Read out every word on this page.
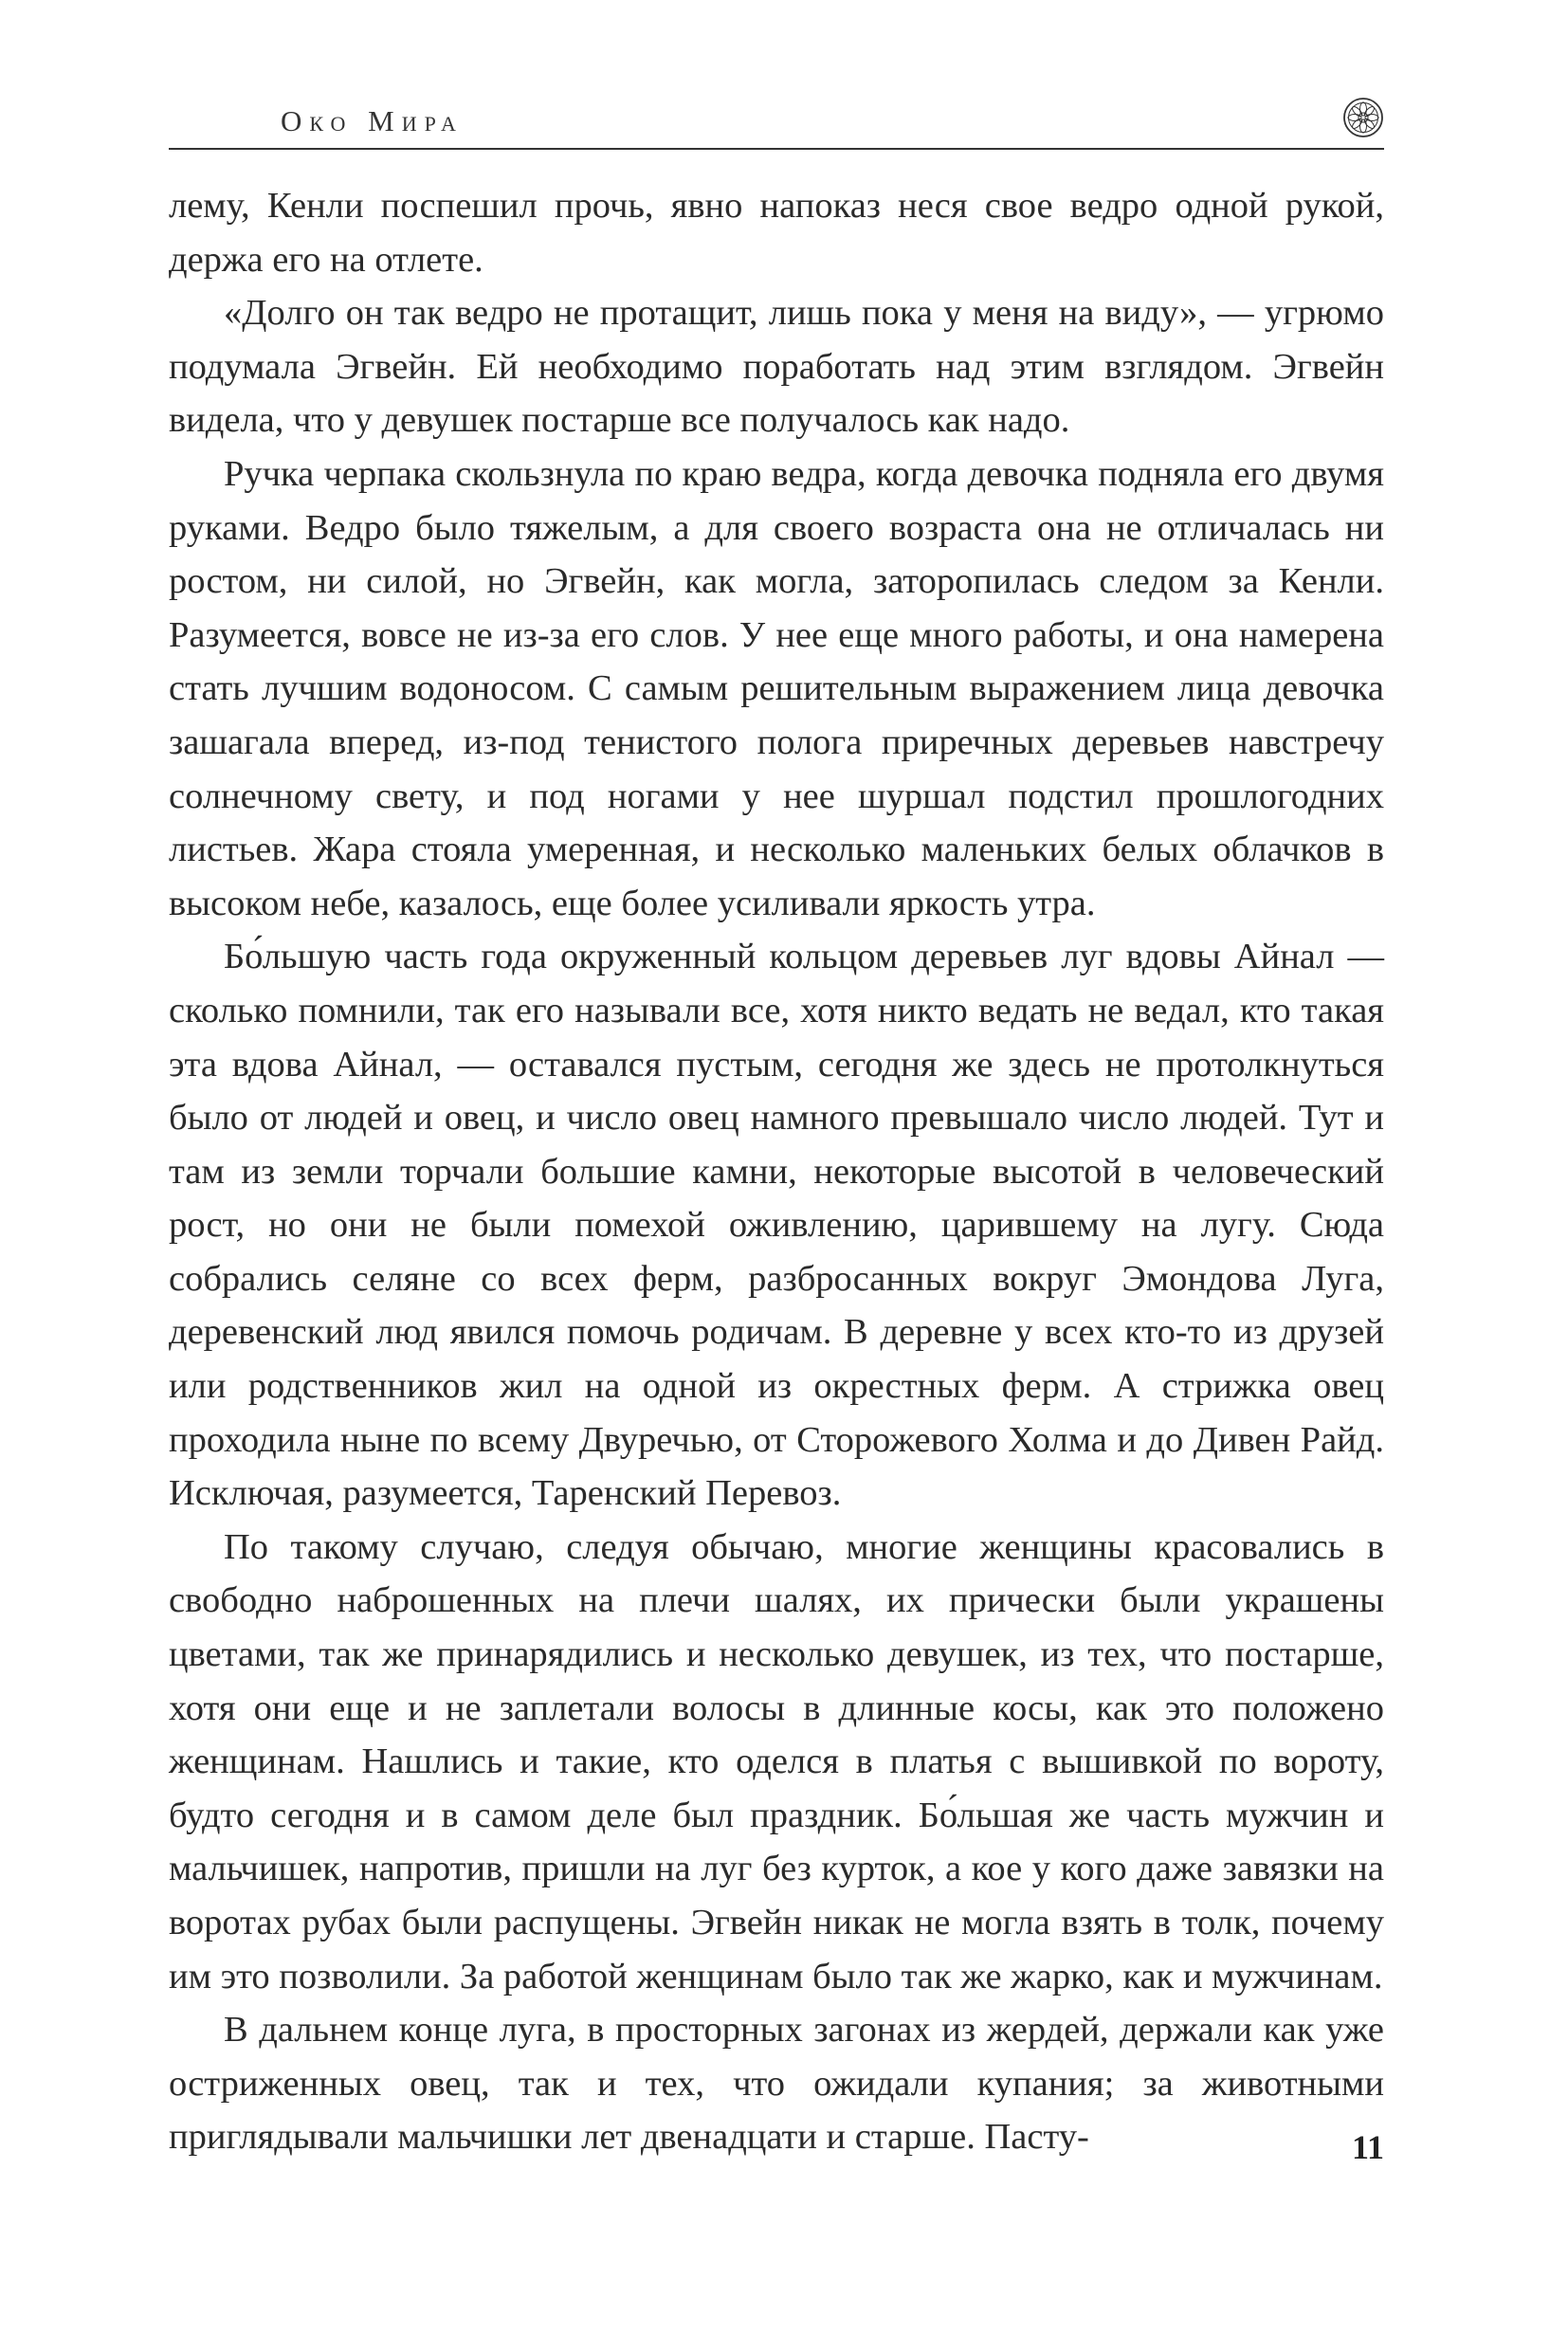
Око Мира

лему, Кенли поспешил прочь, явно напоказ неся свое ведро одной рукой, держа его на отлете.

«Долго он так ведро не протащит, лишь пока у меня на виду», — угрюмо подумала Эгвейн. Ей необходимо поработать над этим взглядом. Эгвейн видела, что у девушек постарше все получалось как надо.

Ручка черпака скользнула по краю ведра, когда девочка подняла его двумя руками. Ведро было тяжелым, а для своего возраста она не отличалась ни ростом, ни силой, но Эгвейн, как могла, заторопилась следом за Кенли. Разумеется, вовсе не из-за его слов. У нее еще много работы, и она намерена стать лучшим водоносом. С самым решительным выражением лица девочка зашагала вперед, из-под тенистого полога приречных деревьев навстречу солнечному свету, и под ногами у нее шуршал подстил прошлогодних листьев. Жара стояла умеренная, и несколько маленьких белых облачков в высоком небе, казалось, еще более усиливали яркость утра.

Бо́льшую часть года окруженный кольцом деревьев луг вдовы Айнал — сколько помнили, так его называли все, хотя никто ведать не ведал, кто такая эта вдова Айнал, — оставался пустым, сегодня же здесь не протолкнуться было от людей и овец, и число овец намного превышало число людей. Тут и там из земли торчали большие камни, некоторые высотой в человеческий рост, но они не были помехой оживлению, царившему на лугу. Сюда собрались селяне со всех ферм, разбросанных вокруг Эмондова Луга, деревенский люд явился помочь родичам. В деревне у всех кто-то из друзей или родственников жил на одной из окрестных ферм. А стрижка овец проходила ныне по всему Двуречью, от Сторожевого Холма и до Дивен Райд. Исключая, разумеется, Таренский Перевоз.

По такому случаю, следуя обычаю, многие женщины красовались в свободно наброшенных на плечи шалях, их прически были украшены цветами, так же принарядились и несколько девушек, из тех, что постарше, хотя они еще и не заплетали волосы в длинные косы, как это положено женщинам. Нашлись и такие, кто оделся в платья с вышивкой по вороту, будто сегодня и в самом деле был праздник. Бо́льшая же часть мужчин и мальчишек, напротив, пришли на луг без курток, а кое у кого даже завязки на воротах рубах были распущены. Эгвейн никак не могла взять в толк, почему им это позволили. За работой женщинам было так же жарко, как и мужчинам.

В дальнем конце луга, в просторных загонах из жердей, держали как уже остриженных овец, так и тех, что ожидали купания; за животными приглядывали мальчишки лет двенадцати и старше. Пасту-	11
